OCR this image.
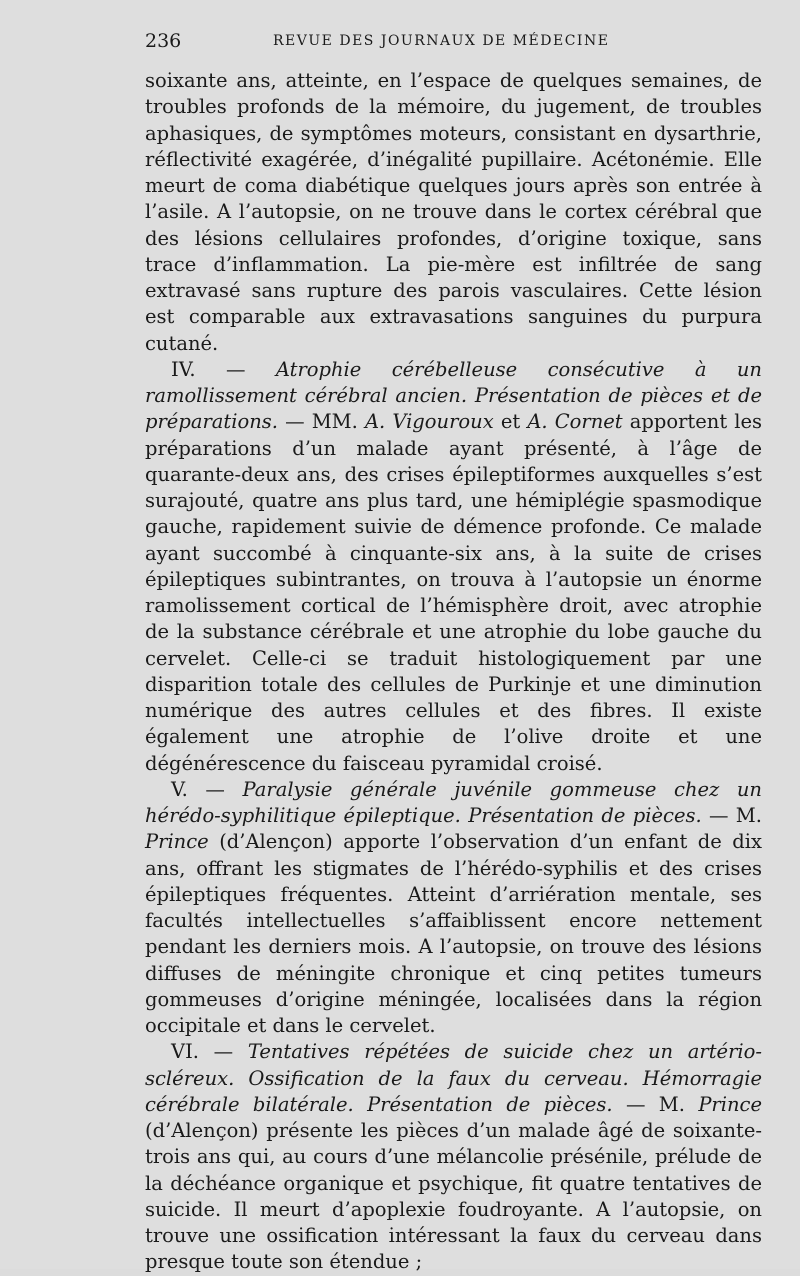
236	REVUE DES JOURNAUX DE MÉDECINE

soixante ans, atteinte, en l’espace de quelques semaines, de troubles profonds de la mémoire, du jugement, de troubles aphasiques, de symptômes moteurs, consistant en dysarthrie, réflectivité exagérée, d’inégalité pupillaire. Acétonémie. Elle meurt de coma diabétique quelques jours après son entrée à l’asile. A l’autopsie, on ne trouve dans le cortex cérébral que des lésions cellulaires profondes, d’origine toxique, sans trace d’inflammation. La pie-mère est infiltrée de sang extravasé sans rupture des parois vasculaires. Cette lésion est comparable aux extravasations sanguines du purpura cutané.

IV. — Atrophie cérébelleuse consécutive à un ramollissement cérébral ancien. Présentation de pièces et de préparations. — MM. A. Vigouroux et A. Cornet apportent les préparations d’un malade ayant présenté, à l’âge de quarante-deux ans, des crises épileptiformes auxquelles s’est surajouté, quatre ans plus tard, une hémiplégie spasmodique gauche, rapidement suivie de démence profonde. Ce malade ayant succombé à cinquante-six ans, à la suite de crises épileptiques subintrantes, on trouva à l’autopsie un énorme ramolissement cortical de l’hémisphère droit, avec atrophie de la substance cérébrale et une atrophie du lobe gauche du cervelet. Celle-ci se traduit histologiquement par une disparition totale des cellules de Purkinje et une diminution numérique des autres cellules et des fibres. Il existe également une atrophie de l’olive droite et une dégénérescence du faisceau pyramidal croisé.

V. — Paralysie générale juvénile gommeuse chez un hérédo-syphilitique épileptique. Présentation de pièces. — M. Prince (d’Alençon) apporte l’observation d’un enfant de dix ans, offrant les stigmates de l’hérédo-syphilis et des crises épileptiques fréquentes. Atteint d’arriération mentale, ses facultés intellectuelles s’affaiblissent encore nettement pendant les derniers mois. A l’autopsie, on trouve des lésions diffuses de méningite chronique et cinq petites tumeurs gommeuses d’origine méningée, localisées dans la région occipitale et dans le cervelet.

VI. — Tentatives répétées de suicide chez un artério-scléreux. Ossification de la faux du cerveau. Hémorragie cérébrale bilatérale. Présentation de pièces. — M. Prince (d’Alençon) présente les pièces d’un malade âgé de soixante-trois ans qui, au cours d’une mélancolie présénile, prélude de la déchéance organique et psychique, fit quatre tentatives de suicide. Il meurt d’apoplexie foudroyante. A l’autopsie, on trouve une ossification intéressant la faux du cerveau dans presque toute son étendue ;
